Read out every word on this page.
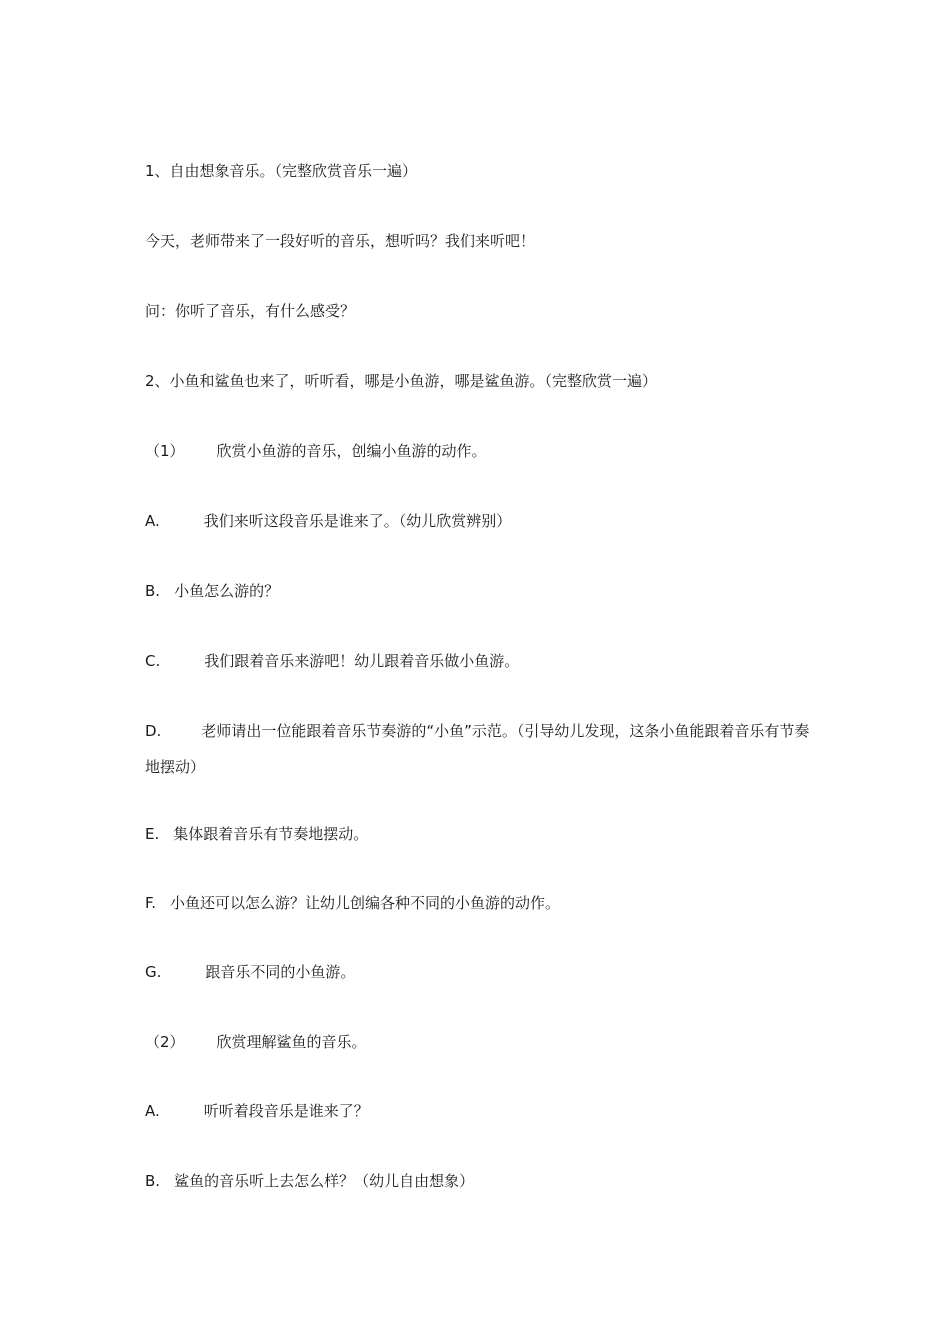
1、自由想象音乐。（完整欣赏音乐一遍）
今天，老师带来了一段好听的音乐，想听吗？我们来听吧！
问：你听了音乐，有什么感受？
2、小鱼和鲨鱼也来了，听听看，哪是小鱼游，哪是鲨鱼游。（完整欣赏一遍）
（1） 欣赏小鱼游的音乐，创编小鱼游的动作。
A.	我们来听这段音乐是谁来了。（幼儿欣赏辨别）
B. 小鱼怎么游的？
C.	我们跟着音乐来游吧！幼儿跟着音乐做小鱼游。
D.	老师请出一位能跟着音乐节奏游的“小鱼”示范。（引导幼儿发现，这条小鱼能跟着音乐有节奏地摆动）
E. 集体跟着音乐有节奏地摆动。
F. 小鱼还可以怎么游？让幼儿创编各种不同的小鱼游的动作。
G.	跟音乐不同的小鱼游。
（2） 欣赏理解鲨鱼的音乐。
A.	听听着段音乐是谁来了？
B. 鲨鱼的音乐听上去怎么样？（幼儿自由想象）
